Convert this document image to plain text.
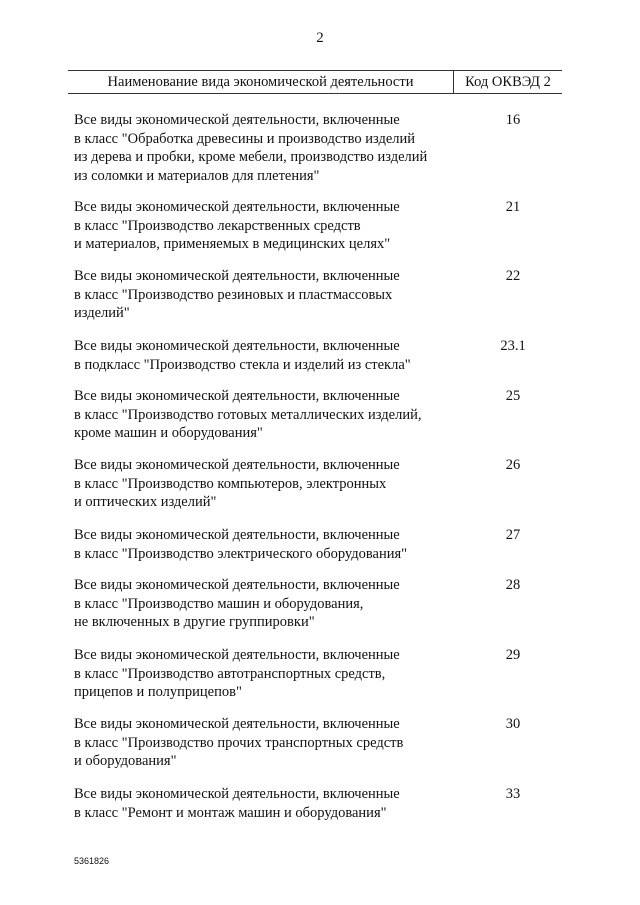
2
Наименование вида экономической деятельности	Код ОКВЭД 2
Все виды экономической деятельности, включенные
в класс "Обработка древесины и производство изделий
из дерева и пробки, кроме мебели, производство изделий
из соломки и материалов для плетения"
16
Все виды экономической деятельности, включенные
в класс "Производство лекарственных средств
и материалов, применяемых в медицинских целях"
21
Все виды экономической деятельности, включенные
в класс "Производство резиновых и пластмассовых
изделий"
22
Все виды экономической деятельности, включенные
в подкласс "Производство стекла и изделий из стекла"
23.1
Все виды экономической деятельности, включенные
в класс "Производство готовых металлических изделий,
кроме машин и оборудования"
25
Все виды экономической деятельности, включенные
в класс "Производство компьютеров, электронных
и оптических изделий"
26
Все виды экономической деятельности, включенные
в класс "Производство электрического оборудования"
27
Все виды экономической деятельности, включенные
в класс "Производство машин и оборудования,
не включенных в другие группировки"
28
Все виды экономической деятельности, включенные
в класс "Производство автотранспортных средств,
прицепов и полуприцепов"
29
Все виды экономической деятельности, включенные
в класс "Производство прочих транспортных средств
и оборудования"
30
Все виды экономической деятельности, включенные
в класс "Ремонт и монтаж машин и оборудования"
33
5361826
